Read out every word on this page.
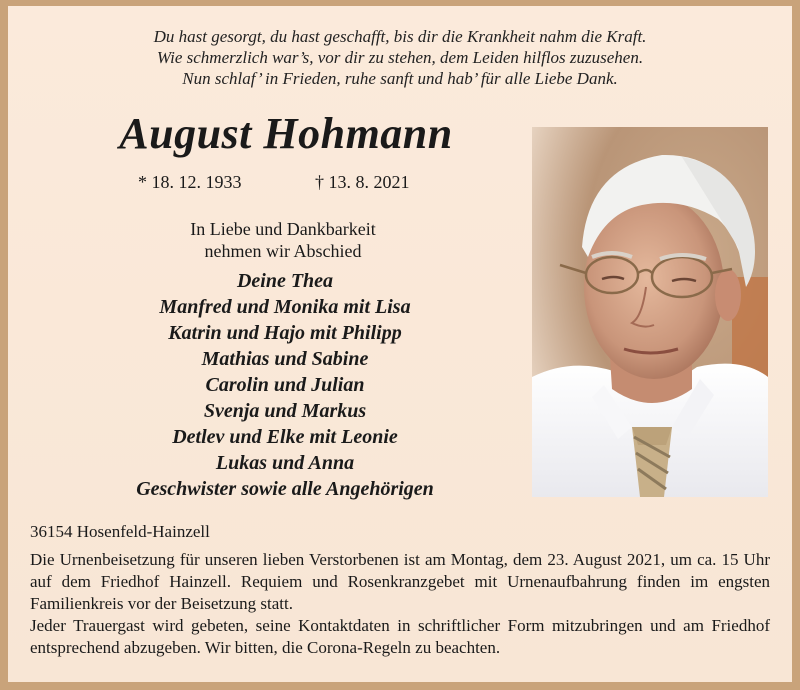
Du hast gesorgt, du hast geschafft, bis dir die Krankheit nahm die Kraft.
Wie schmerzlich war’s, vor dir zu stehen, dem Leiden hilflos zuzusehen.
Nun schlaf’ in Frieden, ruhe sanft und hab’ für alle Liebe Dank.
August Hohmann
* 18. 12. 1933	† 13. 8. 2021
In Liebe und Dankbarkeit
nehmen wir Abschied
Deine Thea
Manfred und Monika mit Lisa
Katrin und Hajo mit Philipp
Mathias und Sabine
Carolin und Julian
Svenja und Markus
Detlev und Elke mit Leonie
Lukas und Anna
Geschwister sowie alle Angehörigen
36154 Hosenfeld-Hainzell

Die Urnenbeisetzung für unseren lieben Verstorbenen ist am Montag, dem 23. August 2021, um ca. 15 Uhr auf dem Friedhof Hainzell. Requiem und Rosenkranzgebet mit Urnenaufbahrung finden im engsten Familienkreis vor der Beisetzung statt.

Jeder Trauergast wird gebeten, seine Kontaktdaten in schriftlicher Form mitzubringen und am Friedhof entsprechend abzugeben. Wir bitten, die Corona-Regeln zu beachten.
